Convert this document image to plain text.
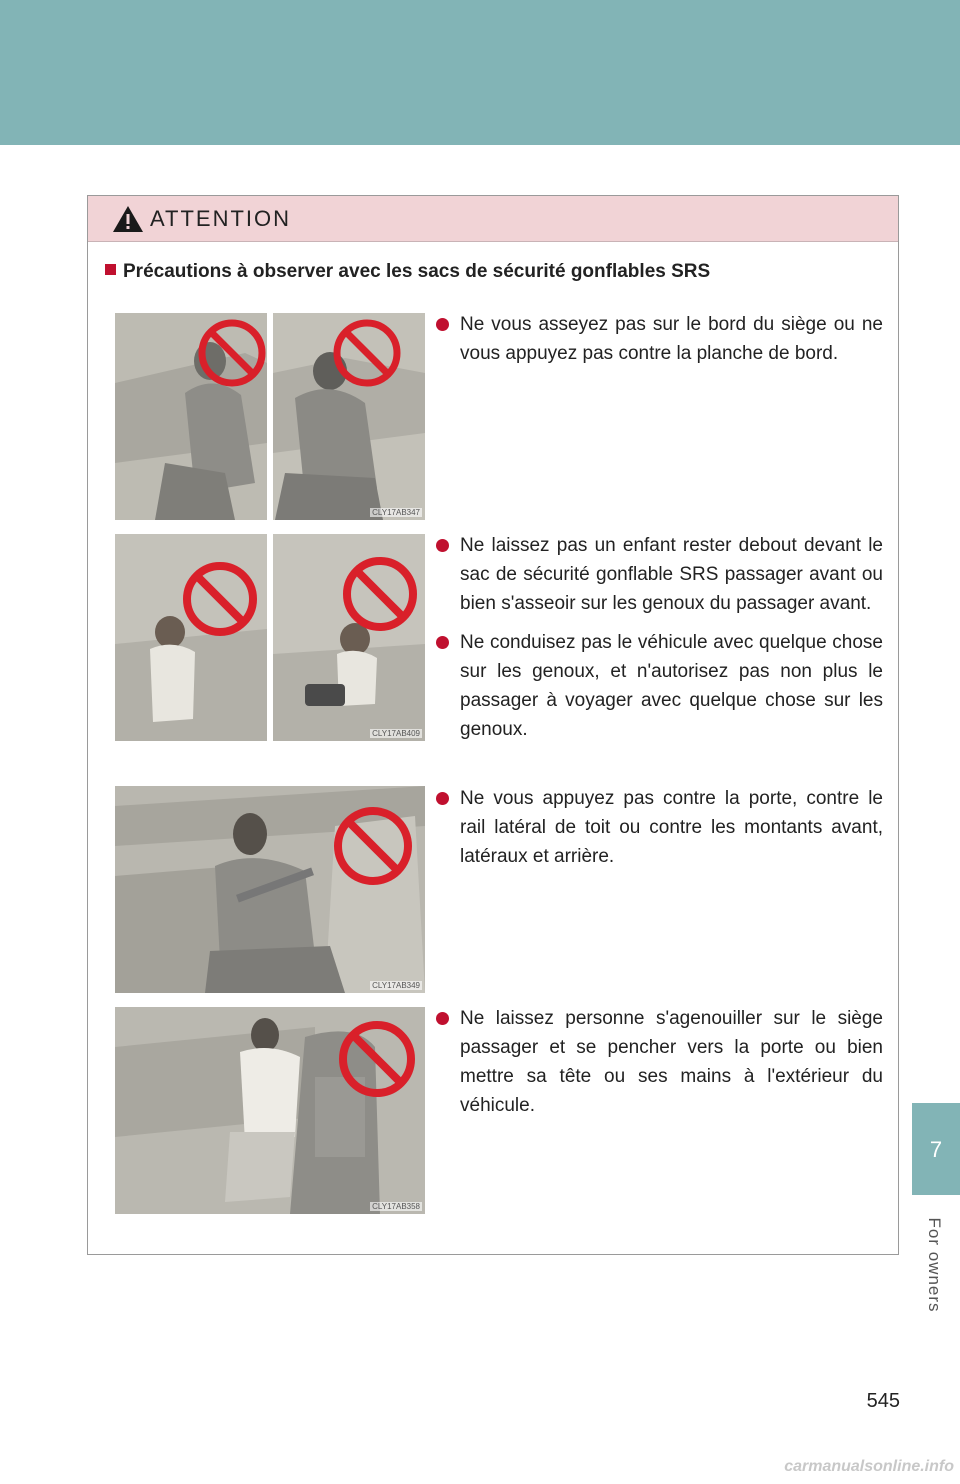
ATTENTION
Précautions à observer avec les sacs de sécurité gonflables SRS
CLY17AB347

Ne vous asseyez pas sur le bord du siège ou ne vous appuyez pas contre la planche de bord.

CLY17AB409

Ne laissez pas un enfant rester debout devant le sac de sécurité gonflable SRS passager avant ou bien s'asseoir sur les genoux du passager avant.

Ne conduisez pas le véhicule avec quelque chose sur les genoux, et n'autorisez pas non plus le passager à voyager avec quelque chose sur les genoux.

CLY17AB349

Ne vous appuyez pas contre la porte, contre le rail latéral de toit ou contre les montants avant, latéraux et arrière.

CLY17AB358

Ne laissez personne s'agenouiller sur le siège passager et se pencher vers la porte ou bien mettre sa tête ou ses mains à l'extérieur du véhicule.

7
For owners
545
carmanualsonline.info
